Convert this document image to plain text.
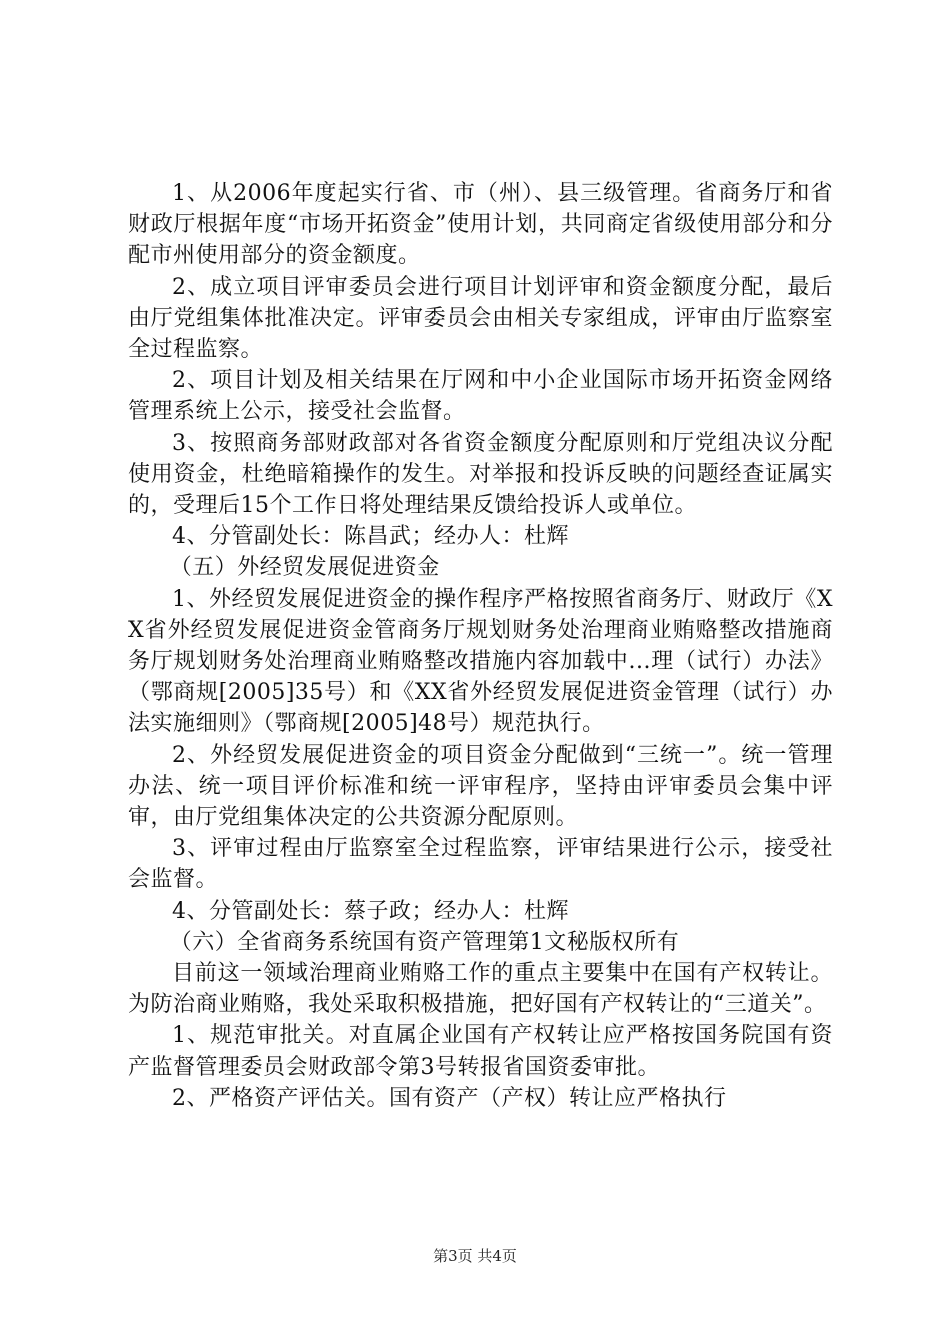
1、从2006年度起实行省、市（州）、县三级管理。省商务厅和省财政厅根据年度“市场开拓资金”使用计划，共同商定省级使用部分和分配市州使用部分的资金额度。

2、成立项目评审委员会进行项目计划评审和资金额度分配，最后由厅党组集体批准决定。评审委员会由相关专家组成，评审由厅监察室全过程监察。

2、项目计划及相关结果在厅网和中小企业国际市场开拓资金网络管理系统上公示，接受社会监督。

3、按照商务部财政部对各省资金额度分配原则和厅党组决议分配使用资金，杜绝暗箱操作的发生。对举报和投诉反映的问题经查证属实的，受理后15个工作日将处理结果反馈给投诉人或单位。

4、分管副处长：陈昌武；经办人：杜辉

（五）外经贸发展促进资金

1、外经贸发展促进资金的操作程序严格按照省商务厅、财政厅《XX省外经贸发展促进资金管商务厅规划财务处治理商业贿赂整改措施商务厅规划财务处治理商业贿赂整改措施内容加载中...理（试行）办法》（鄂商规[2005]35号）和《XX省外经贸发展促进资金管理（试行）办法实施细则》（鄂商规[2005]48号）规范执行。

2、外经贸发展促进资金的项目资金分配做到“三统一”。统一管理办法、统一项目评价标准和统一评审程序，坚持由评审委员会集中评审，由厅党组集体决定的公共资源分配原则。

3、评审过程由厅监察室全过程监察，评审结果进行公示，接受社会监督。

4、分管副处长：蔡子政；经办人：杜辉

（六）全省商务系统国有资产管理第1文秘版权所有

目前这一领域治理商业贿赂工作的重点主要集中在国有产权转让。为防治商业贿赂，我处采取积极措施，把好国有产权转让的“三道关”。

1、规范审批关。对直属企业国有产权转让应严格按国务院国有资产监督管理委员会财政部令第3号转报省国资委审批。

2、严格资产评估关。国有资产（产权）转让应严格执行

第3页 共4页
